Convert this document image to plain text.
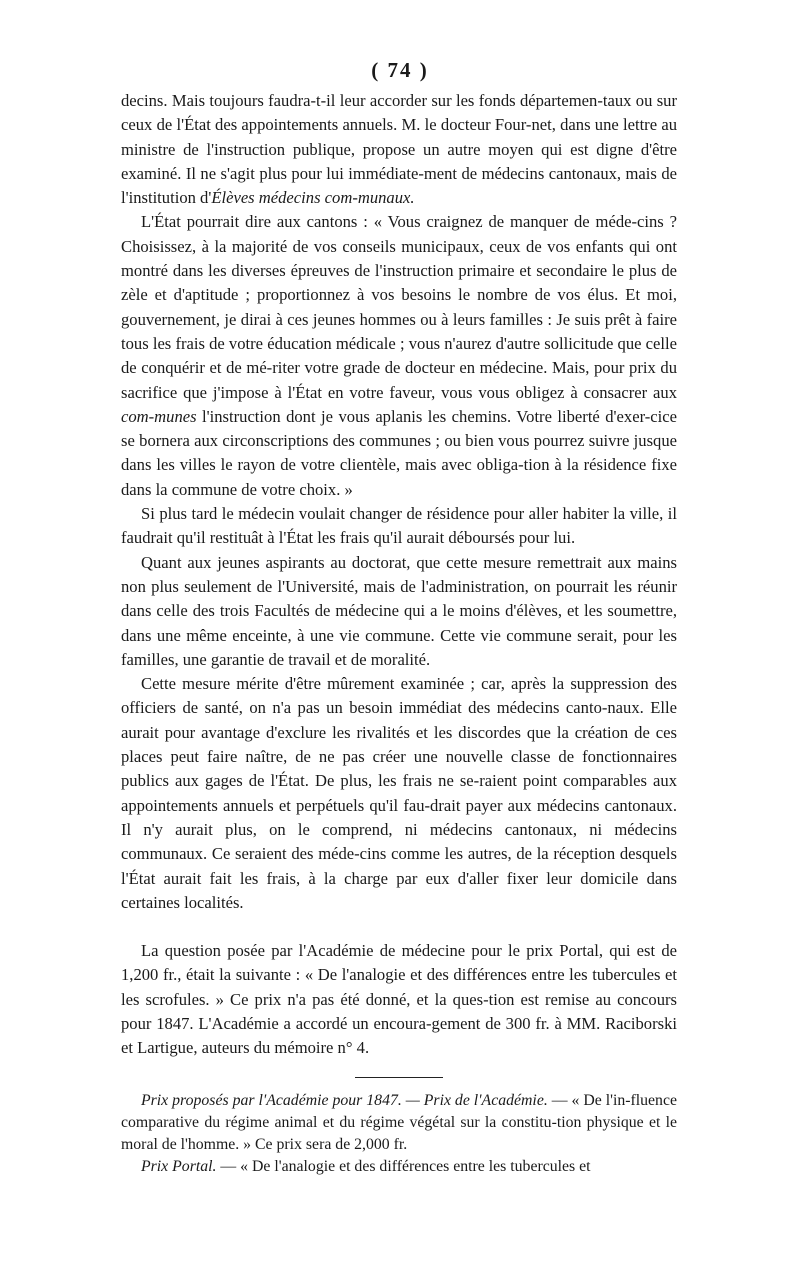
( 74 )

decins. Mais toujours faudra-t-il leur accorder sur les fonds départemen-taux ou sur ceux de l'État des appointements annuels. M. le docteur Four-net, dans une lettre au ministre de l'instruction publique, propose un autre moyen qui est digne d'être examiné. Il ne s'agit plus pour lui immédiate-ment de médecins cantonaux, mais de l'institution d'Élèves médecins com-munaux.

L'État pourrait dire aux cantons : « Vous craignez de manquer de méde-cins ? Choisissez, à la majorité de vos conseils municipaux, ceux de vos enfants qui ont montré dans les diverses épreuves de l'instruction primaire et secondaire le plus de zèle et d'aptitude ; proportionnez à vos besoins le nombre de vos élus. Et moi, gouvernement, je dirai à ces jeunes hommes ou à leurs familles : Je suis prêt à faire tous les frais de votre éducation médicale ; vous n'aurez d'autre sollicitude que celle de conquérir et de mé-riter votre grade de docteur en médecine. Mais, pour prix du sacrifice que j'impose à l'État en votre faveur, vous vous obligez à consacrer aux com-munes l'instruction dont je vous aplanis les chemins. Votre liberté d'exer-cice se bornera aux circonscriptions des communes ; ou bien vous pourrez suivre jusque dans les villes le rayon de votre clientèle, mais avec obliga-tion à la résidence fixe dans la commune de votre choix. »

Si plus tard le médecin voulait changer de résidence pour aller habiter la ville, il faudrait qu'il restituât à l'État les frais qu'il aurait déboursés pour lui.

Quant aux jeunes aspirants au doctorat, que cette mesure remettrait aux mains non plus seulement de l'Université, mais de l'administration, on pourrait les réunir dans celle des trois Facultés de médecine qui a le moins d'élèves, et les soumettre, dans une même enceinte, à une vie commune. Cette vie commune serait, pour les familles, une garantie de travail et de moralité.

Cette mesure mérite d'être mûrement examinée ; car, après la suppression des officiers de santé, on n'a pas un besoin immédiat des médecins canto-naux. Elle aurait pour avantage d'exclure les rivalités et les discordes que la création de ces places peut faire naître, de ne pas créer une nouvelle classe de fonctionnaires publics aux gages de l'État. De plus, les frais ne se-raient point comparables aux appointements annuels et perpétuels qu'il fau-drait payer aux médecins cantonaux. Il n'y aurait plus, on le comprend, ni médecins cantonaux, ni médecins communaux. Ce seraient des méde-cins comme les autres, de la réception desquels l'État aurait fait les frais, à la charge par eux d'aller fixer leur domicile dans certaines localités.

La question posée par l'Académie de médecine pour le prix Portal, qui est de 1,200 fr., était la suivante : « De l'analogie et des différences entre les tubercules et les scrofules. » Ce prix n'a pas été donné, et la ques-tion est remise au concours pour 1847. L'Académie a accordé un encoura-gement de 300 fr. à MM. Raciborski et Lartigue, auteurs du mémoire n° 4.

Prix proposés par l'Académie pour 1847. — Prix de l'Académie. — « De l'in-fluence comparative du régime animal et du régime végétal sur la constitu-tion physique et le moral de l'homme. » Ce prix sera de 2,000 fr.

Prix Portal. — « De l'analogie et des différences entre les tubercules et
